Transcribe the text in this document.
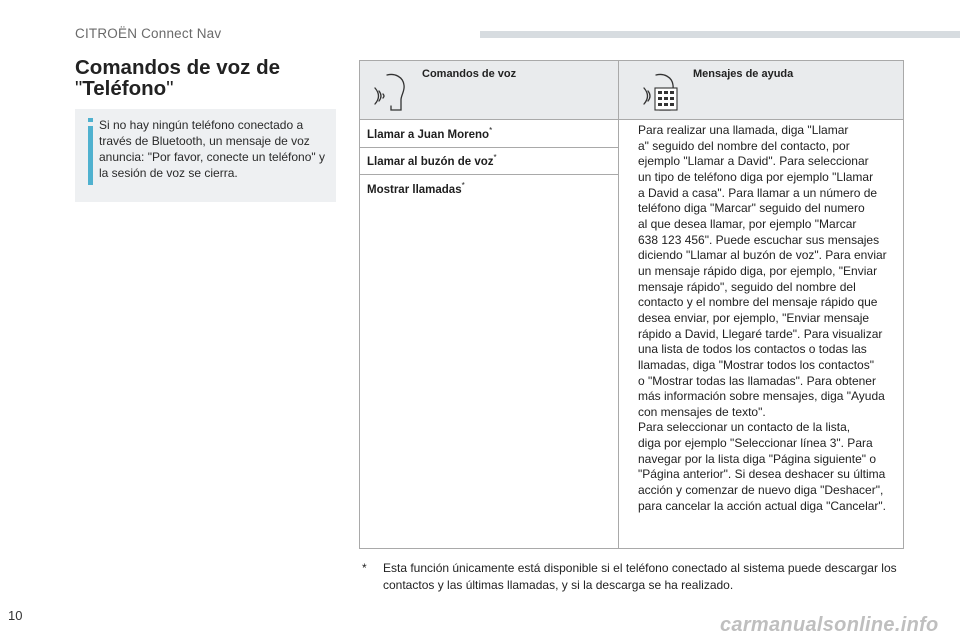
CITROËN Connect Nav
Comandos de voz de
"Teléfono"
Si no hay ningún teléfono conectado a través de Bluetooth, un mensaje de voz anuncia: "Por favor, conecte un teléfono" y la sesión de voz se cierra.
Comandos de voz	Mensajes de ayuda
Llamar a Juan Moreno*
Llamar al buzón de voz*
Mostrar llamadas*
Para realizar una llamada, diga "Llamar
a" seguido del nombre del contacto, por
ejemplo "Llamar a David". Para seleccionar
un tipo de teléfono diga por ejemplo "Llamar
a David a casa". Para llamar a un número de
teléfono diga "Marcar" seguido del numero
al que desea llamar, por ejemplo "Marcar
638 123 456". Puede escuchar sus mensajes
diciendo "Llamar al buzón de voz". Para enviar
un mensaje rápido diga, por ejemplo, "Enviar
mensaje rápido", seguido del nombre del
contacto y el nombre del mensaje rápido que
desea enviar, por ejemplo, "Enviar mensaje
rápido a David, Llegaré tarde". Para visualizar
una lista de todos los contactos o todas las
llamadas, diga "Mostrar todos los contactos"
o "Mostrar todas las llamadas". Para obtener
más información sobre mensajes, diga "Ayuda
con mensajes de texto".
Para seleccionar un contacto de la lista,
diga por ejemplo "Seleccionar línea 3". Para
navegar por la lista diga "Página siguiente" o
"Página anterior". Si desea deshacer su última
acción y comenzar de nuevo diga "Deshacer",
para cancelar la acción actual diga "Cancelar".
* Esta función únicamente está disponible si el teléfono conectado al sistema puede descargar los contactos y las últimas llamadas, y si la descarga se ha realizado.
10	carmanualsonline.info
